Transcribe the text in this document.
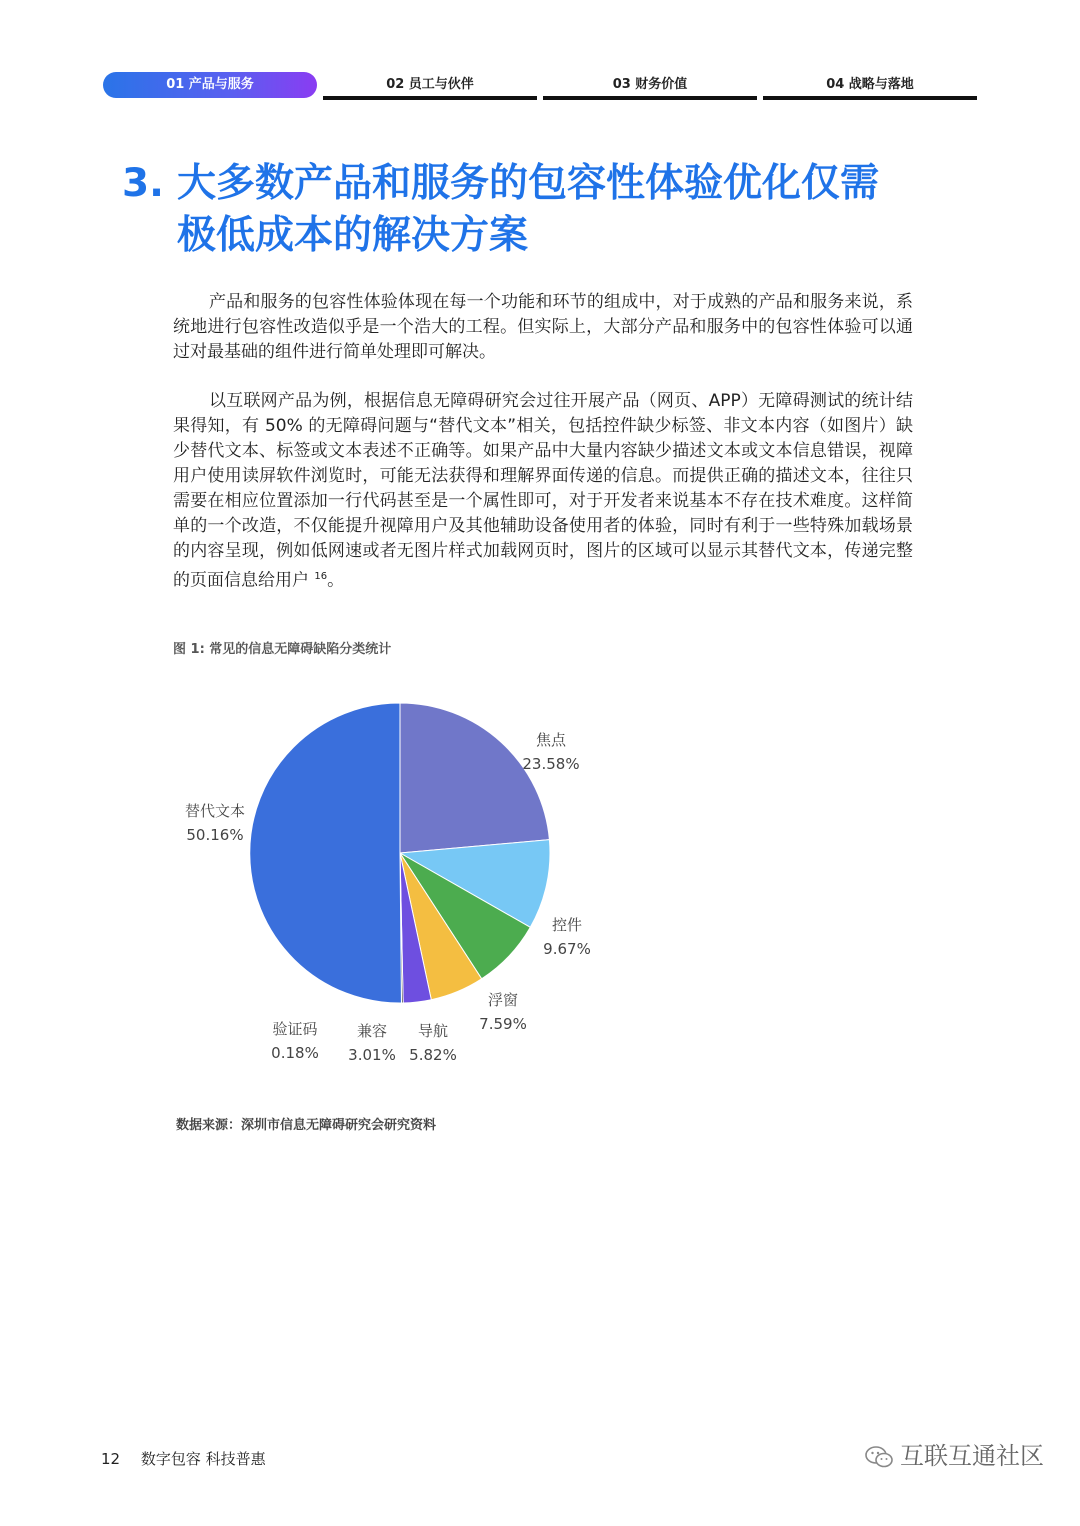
01 产品与服务	02 员工与伙伴	03 财务价值	04 战略与落地
3. 大多数产品和服务的包容性体验优化仅需
极低成本的解决方案

产品和服务的包容性体验体现在每一个功能和环节的组成中，对于成熟的产品和服务来说，系统地进行包容性改造似乎是一个浩大的工程。但实际上，大部分产品和服务中的包容性体验可以通过对最基础的组件进行简单处理即可解决。

以互联网产品为例，根据信息无障碍研究会过往开展产品（网页、APP）无障碍测试的统计结果得知，有 50% 的无障碍问题与“替代文本”相关，包括控件缺少标签、非文本内容（如图片）缺少替代文本、标签或文本表述不正确等。如果产品中大量内容缺少描述文本或文本信息错误，视障用户使用读屏软件浏览时，可能无法获得和理解界面传递的信息。而提供正确的描述文本，往往只需要在相应位置添加一行代码甚至是一个属性即可，对于开发者来说基本不存在技术难度。这样简单的一个改造，不仅能提升视障用户及其他辅助设备使用者的体验，同时有利于一些特殊加载场景的内容呈现，例如低网速或者无图片样式加载网页时，图片的区域可以显示其替代文本，传递完整的页面信息给用户 $^{16}$。

图 1: 常见的信息无障碍缺陷分类统计
焦点
23.58%
控件
9.67%
浮窗
7.59%
导航
5.82%
兼容
3.01%
验证码
0.18%
替代文本
50.16%
数据来源：深圳市信息无障碍研究会研究资料
12 数字包容 科技普惠	互联互通社区
